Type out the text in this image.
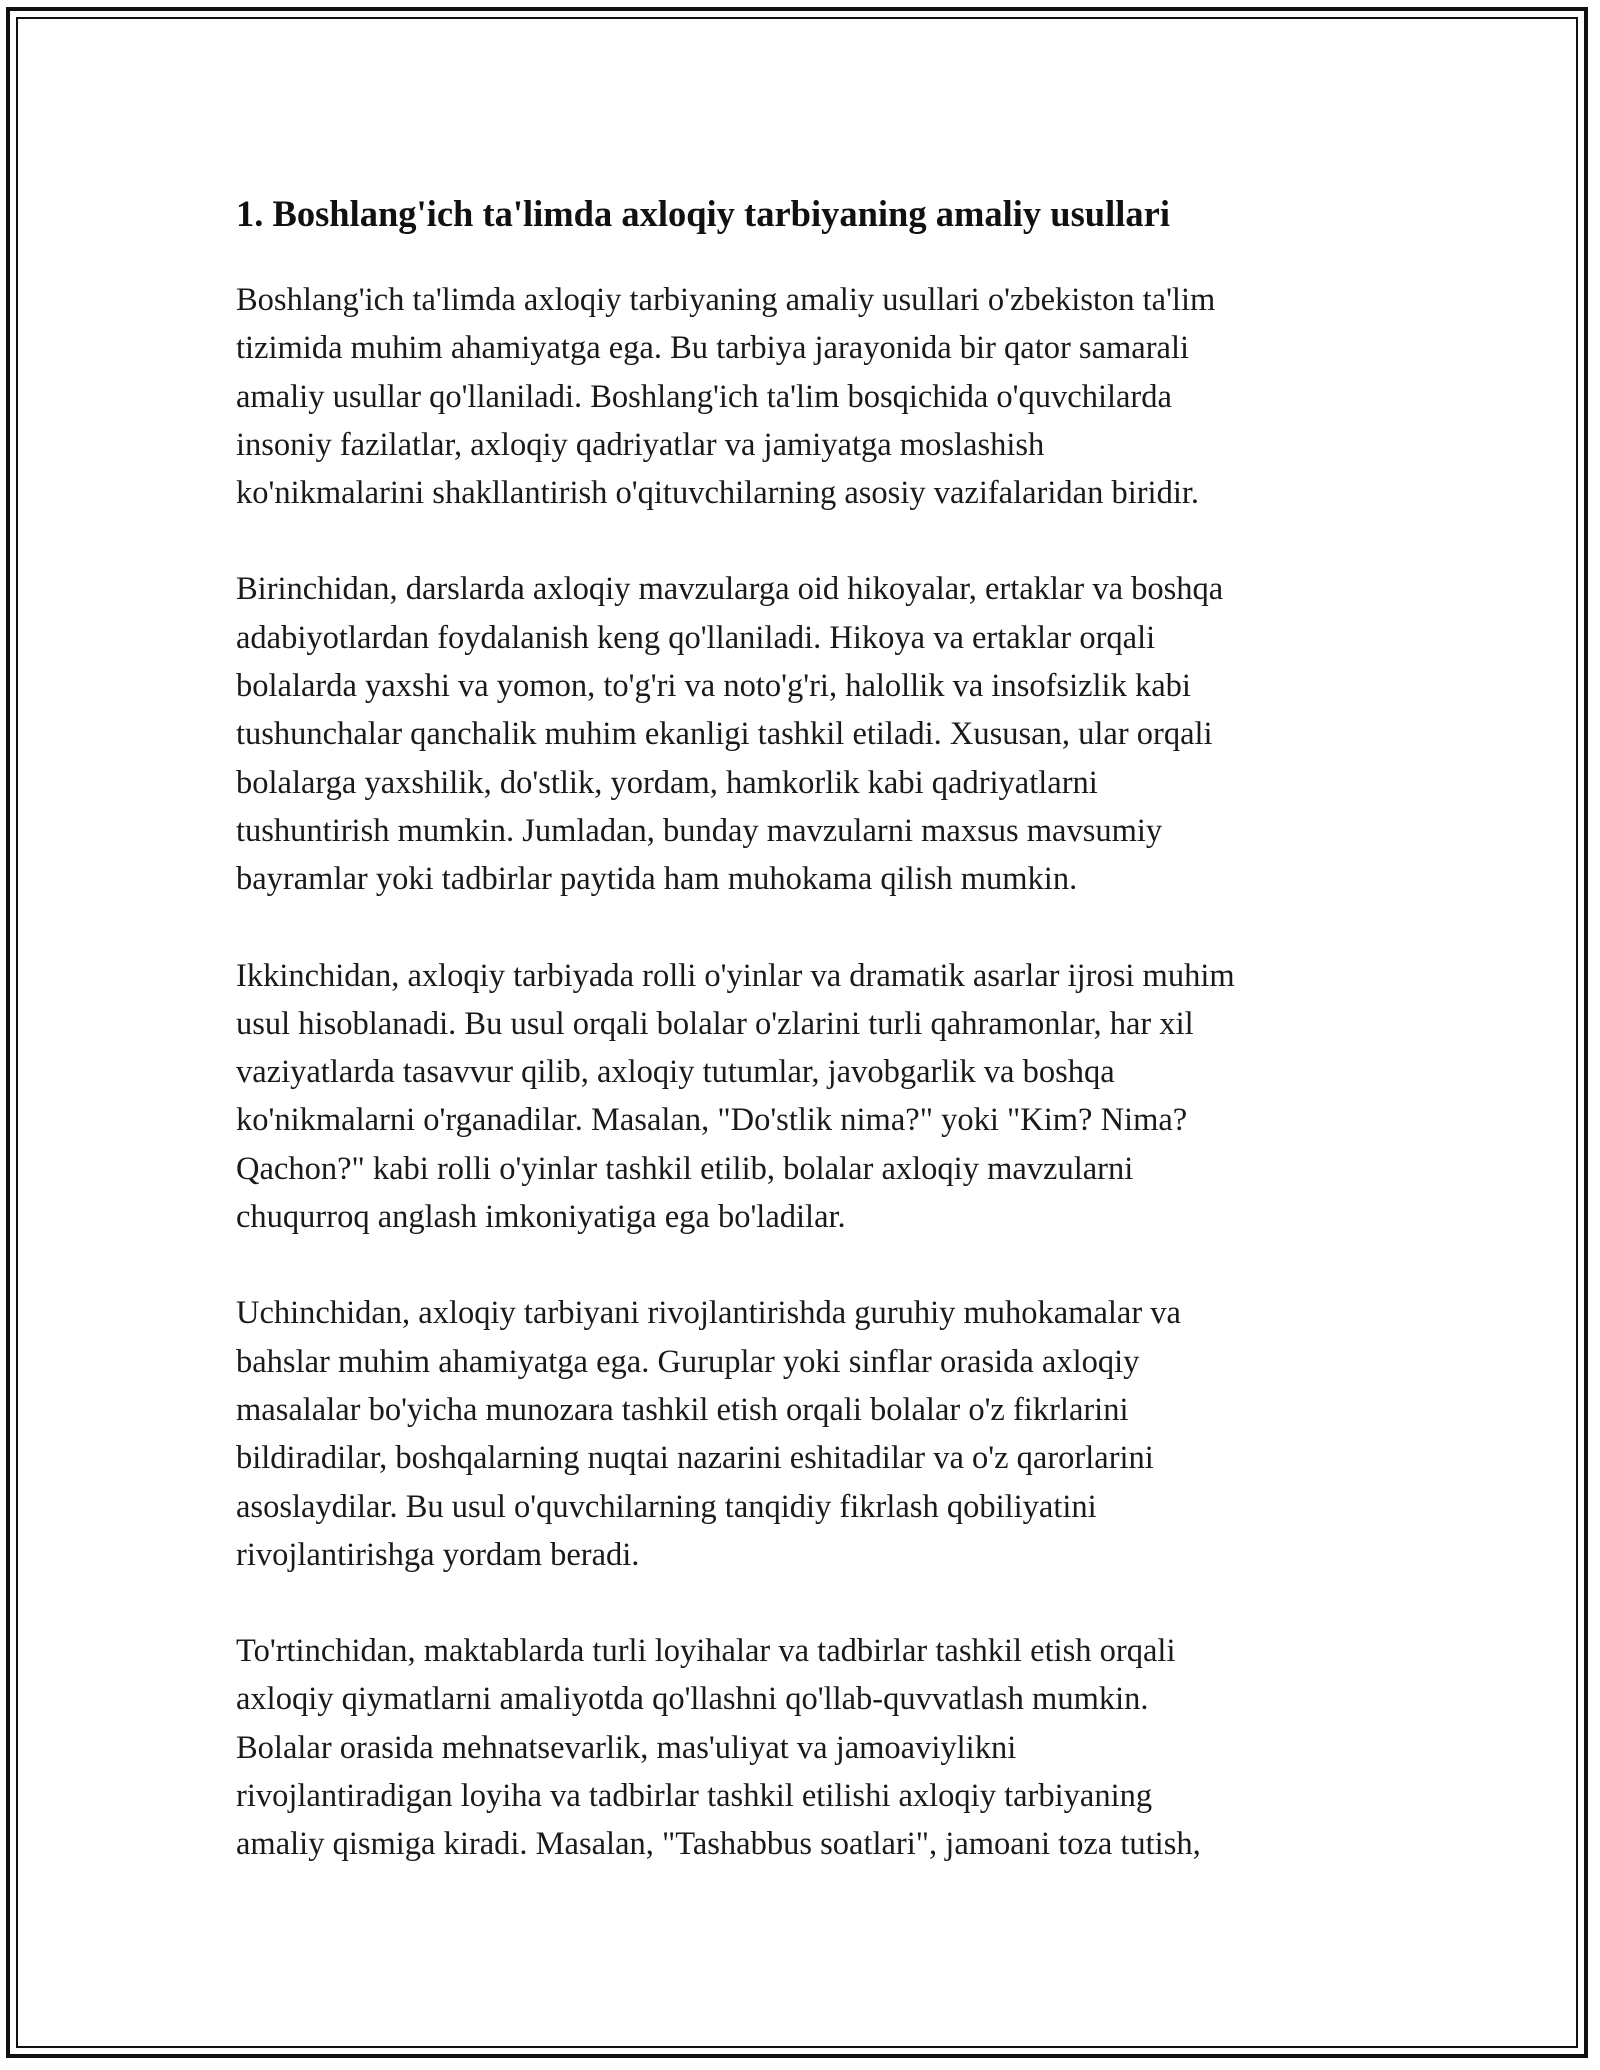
1. Boshlang'ich ta'limda axloqiy tarbiyaning amaliy usullari
Boshlang'ich ta'limda axloqiy tarbiyaning amaliy usullari o'zbekiston ta'lim
tizimida muhim ahamiyatga ega. Bu tarbiya jarayonida bir qator samarali
amaliy usullar qo'llaniladi. Boshlang'ich ta'lim bosqichida o'quvchilarda
insoniy fazilatlar, axloqiy qadriyatlar va jamiyatga moslashish
ko'nikmalarini shakllantirish o'qituvchilarning asosiy vazifalaridan biridir.
Birinchidan, darslarda axloqiy mavzularga oid hikoyalar, ertaklar va boshqa
adabiyotlardan foydalanish keng qo'llaniladi. Hikoya va ertaklar orqali
bolalarda yaxshi va yomon, to'g'ri va noto'g'ri, halollik va insofsizlik kabi
tushunchalar qanchalik muhim ekanligi tashkil etiladi. Xususan, ular orqali
bolalarga yaxshilik, do'stlik, yordam, hamkorlik kabi qadriyatlarni
tushuntirish mumkin. Jumladan, bunday mavzularni maxsus mavsumiy
bayramlar yoki tadbirlar paytida ham muhokama qilish mumkin.
Ikkinchidan, axloqiy tarbiyada rolli o'yinlar va dramatik asarlar ijrosi muhim
usul hisoblanadi. Bu usul orqali bolalar o'zlarini turli qahramonlar, har xil
vaziyatlarda tasavvur qilib, axloqiy tutumlar, javobgarlik va boshqa
ko'nikmalarni o'rganadilar. Masalan, "Do'stlik nima?" yoki "Kim? Nima?
Qachon?" kabi rolli o'yinlar tashkil etilib, bolalar axloqiy mavzularni
chuqurroq anglash imkoniyatiga ega bo'ladilar.
Uchinchidan, axloqiy tarbiyani rivojlantirishda guruhiy muhokamalar va
bahslar muhim ahamiyatga ega. Guruplar yoki sinflar orasida axloqiy
masalalar bo'yicha munozara tashkil etish orqali bolalar o'z fikrlarini
bildiradilar, boshqalarning nuqtai nazarini eshitadilar va o'z qarorlarini
asoslaydilar. Bu usul o'quvchilarning tanqidiy fikrlash qobiliyatini
rivojlantirishga yordam beradi.
To'rtinchidan, maktablarda turli loyihalar va tadbirlar tashkil etish orqali
axloqiy qiymatlarni amaliyotda qo'llashni qo'llab-quvvatlash mumkin.
Bolalar orasida mehnatsevarlik, mas'uliyat va jamoaviylikni
rivojlantiradigan loyiha va tadbirlar tashkil etilishi axloqiy tarbiyaning
amaliy qismiga kiradi. Masalan, "Tashabbus soatlari", jamoani toza tutish,
